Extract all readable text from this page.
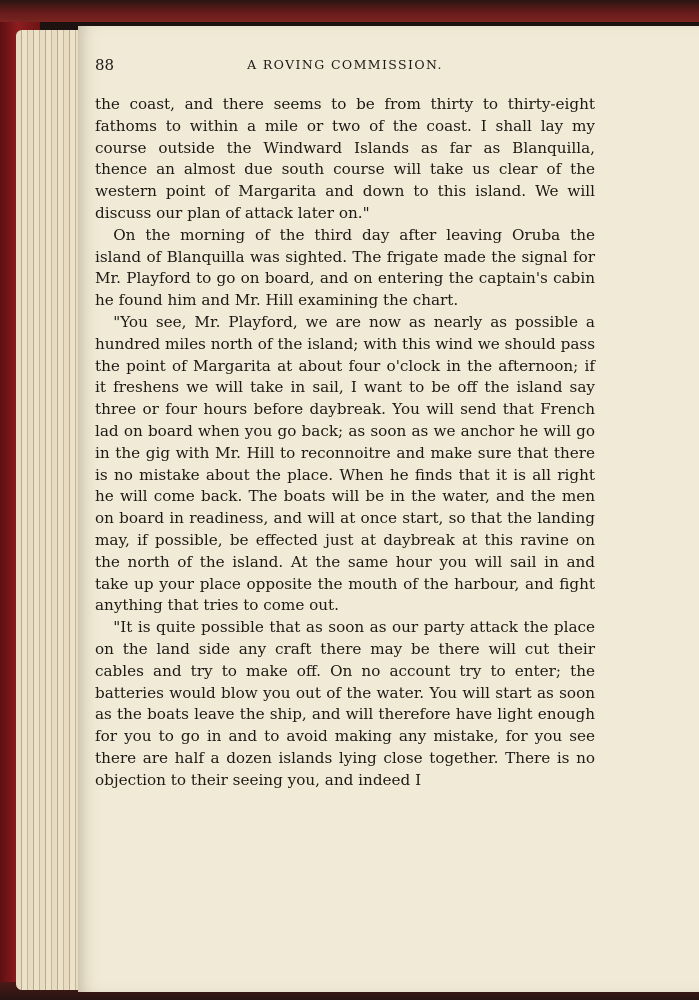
88	A ROVING COMMISSION.

the coast, and there seems to be from thirty to thirty-eight fathoms to within a mile or two of the coast. I shall lay my course outside the Windward Islands as far as Blanquilla, thence an almost due south course will take us clear of the western point of Margarita and down to this island. We will discuss our plan of attack later on."

On the morning of the third day after leaving Oruba the island of Blanquilla was sighted. The frigate made the signal for Mr. Playford to go on board, and on entering the captain's cabin he found him and Mr. Hill examining the chart.

"You see, Mr. Playford, we are now as nearly as possible a hundred miles north of the island; with this wind we should pass the point of Margarita at about four o'clock in the afternoon; if it freshens we will take in sail, I want to be off the island say three or four hours before daybreak. You will send that French lad on board when you go back; as soon as we anchor he will go in the gig with Mr. Hill to reconnoitre and make sure that there is no mistake about the place. When he finds that it is all right he will come back. The boats will be in the water, and the men on board in readiness, and will at once start, so that the landing may, if possible, be effected just at daybreak at this ravine on the north of the island. At the same hour you will sail in and take up your place opposite the mouth of the harbour, and fight anything that tries to come out.

"It is quite possible that as soon as our party attack the place on the land side any craft there may be there will cut their cables and try to make off. On no account try to enter; the batteries would blow you out of the water. You will start as soon as the boats leave the ship, and will therefore have light enough for you to go in and to avoid making any mistake, for you see there are half a dozen islands lying close together. There is no objection to their seeing you, and indeed I
